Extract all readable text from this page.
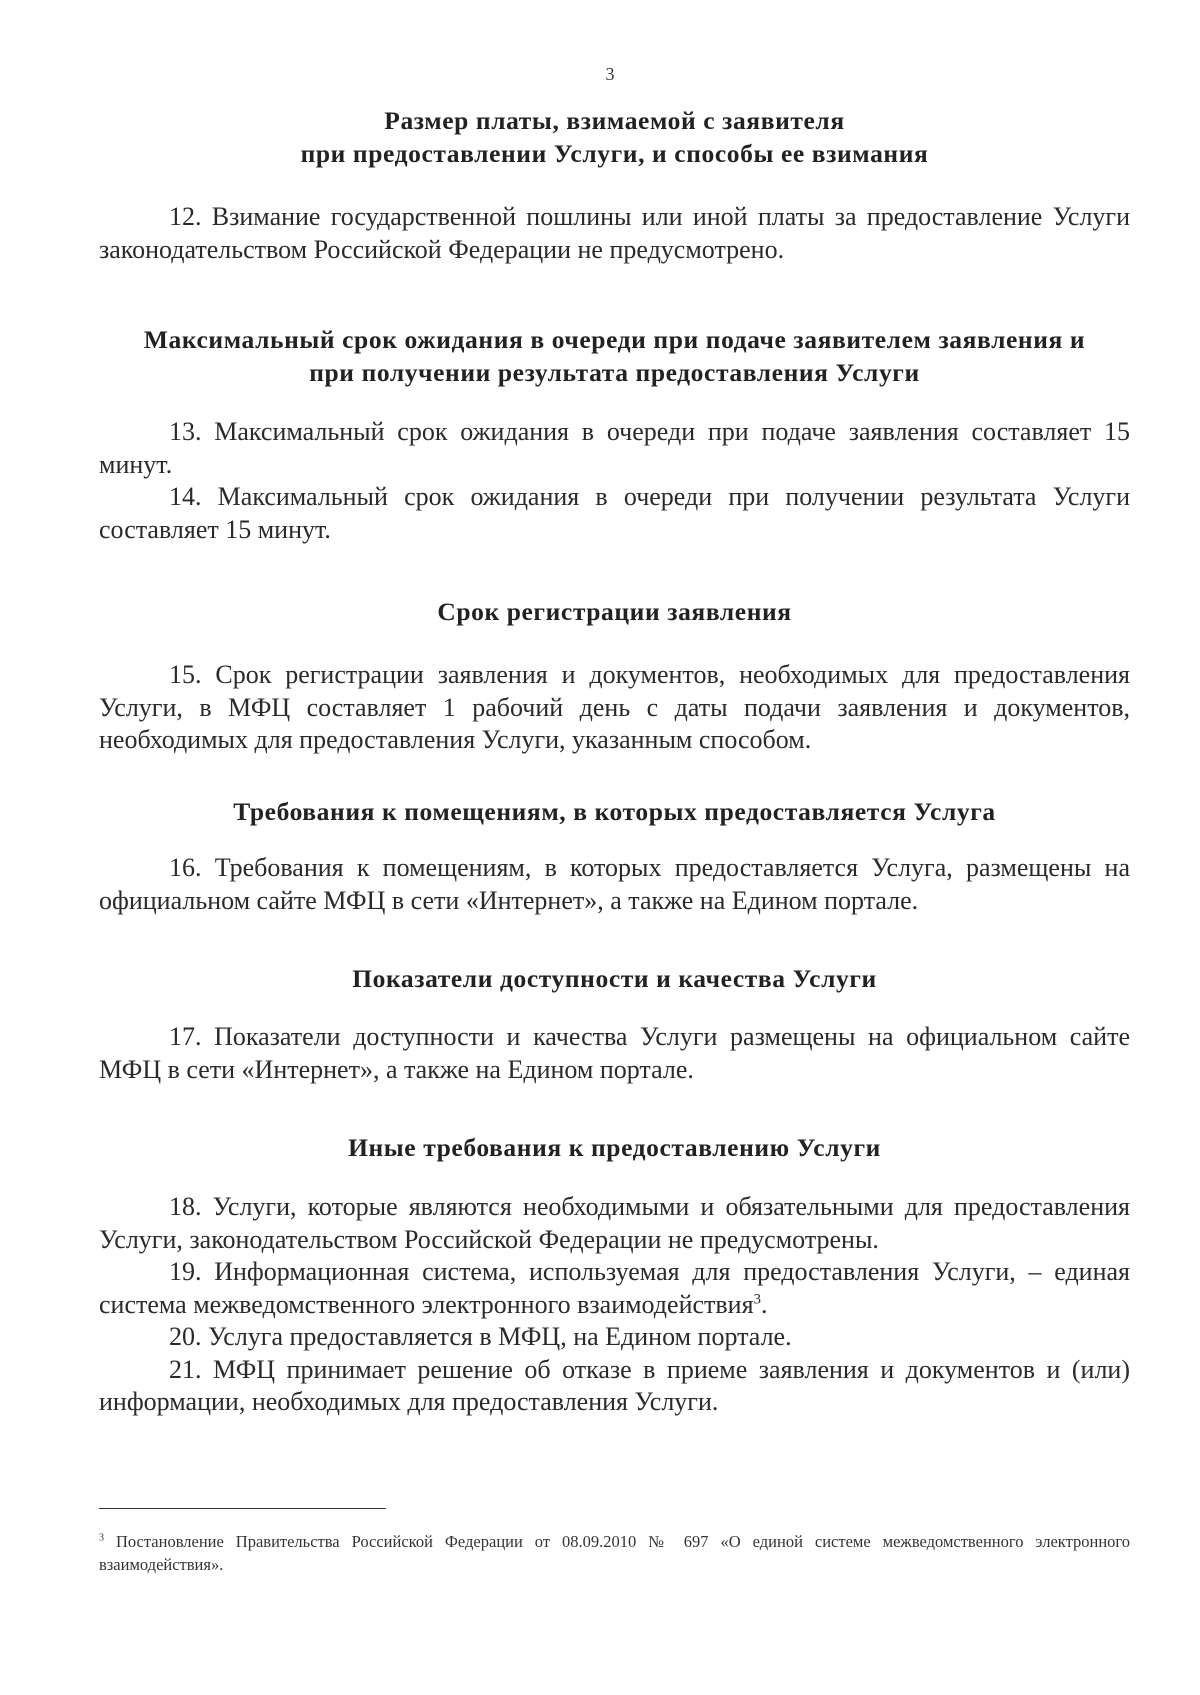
3

Размер платы, взимаемой с заявителя
при предоставлении Услуги, и способы ее взимания

12. Взимание государственной пошлины или иной платы за предоставление Услуги законодательством Российской Федерации не предусмотрено.

Максимальный срок ожидания в очереди при подаче заявителем заявления и
при получении результата предоставления Услуги

13. Максимальный срок ожидания в очереди при подаче заявления составляет 15 минут.

14. Максимальный срок ожидания в очереди при получении результата Услуги составляет 15 минут.

Срок регистрации заявления

15. Срок регистрации заявления и документов, необходимых для предоставления Услуги, в МФЦ составляет 1 рабочий день с даты подачи заявления и документов, необходимых для предоставления Услуги, указанным способом.

Требования к помещениям, в которых предоставляется Услуга

16. Требования к помещениям, в которых предоставляется Услуга, размещены на официальном сайте МФЦ в сети «Интернет», а также на Едином портале.

Показатели доступности и качества Услуги

17. Показатели доступности и качества Услуги размещены на официальном сайте МФЦ в сети «Интернет», а также на Едином портале.

Иные требования к предоставлению Услуги

18. Услуги, которые являются необходимыми и обязательными для предоставления Услуги, законодательством Российской Федерации не предусмотрены.

19. Информационная система, используемая для предоставления Услуги, – единая система межведомственного электронного взаимодействия$^3$.

20. Услуга предоставляется в МФЦ, на Едином портале.

21. МФЦ принимает решение об отказе в приеме заявления и документов и (или) информации, необходимых для предоставления Услуги.

$^3$ Постановление Правительства Российской Федерации от 08.09.2010 № 697 «О единой системе межведомственного электронного взаимодействия».
